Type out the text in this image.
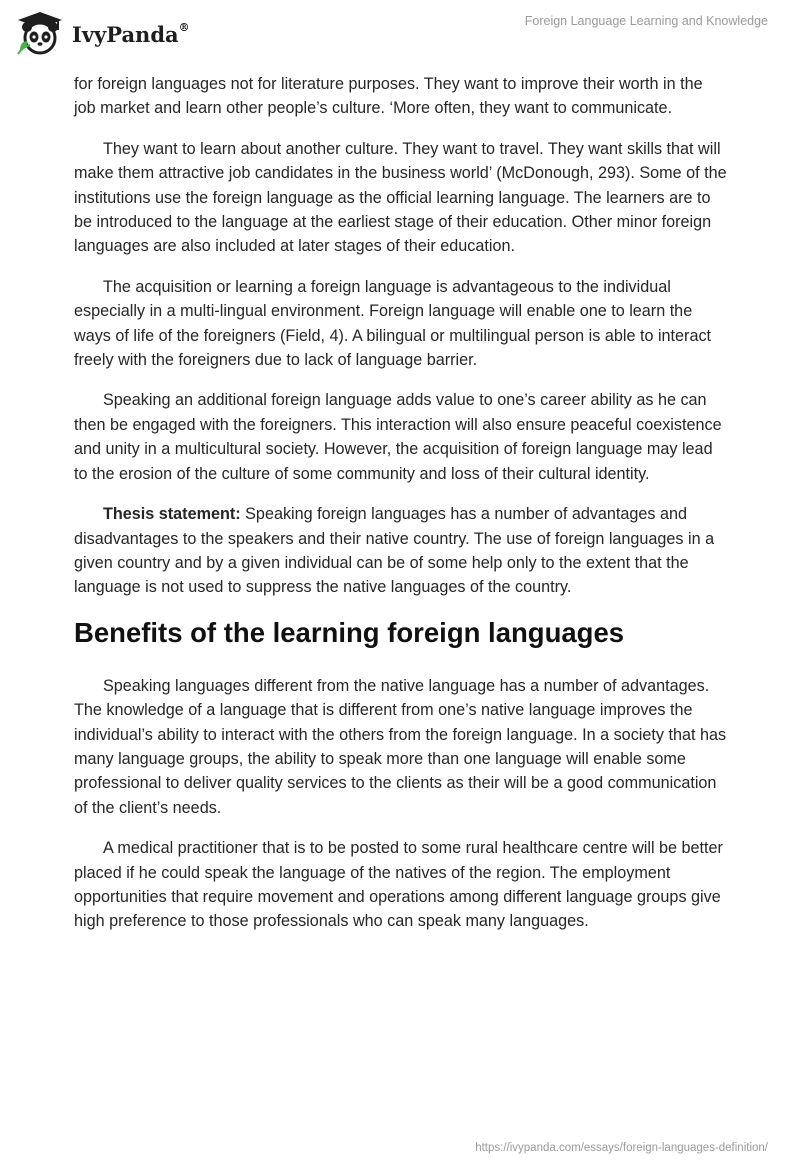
IvyPanda®	Foreign Language Learning and Knowledge

for foreign languages not for literature purposes. They want to improve their worth in the job market and learn other people’s culture. ‘More often, they want to communicate.

They want to learn about another culture. They want to travel. They want skills that will make them attractive job candidates in the business world’ (McDonough, 293). Some of the institutions use the foreign language as the official learning language. The learners are to be introduced to the language at the earliest stage of their education. Other minor foreign languages are also included at later stages of their education.

The acquisition or learning a foreign language is advantageous to the individual especially in a multi-lingual environment. Foreign language will enable one to learn the ways of life of the foreigners (Field, 4). A bilingual or multilingual person is able to interact freely with the foreigners due to lack of language barrier.

Speaking an additional foreign language adds value to one’s career ability as he can then be engaged with the foreigners. This interaction will also ensure peaceful coexistence and unity in a multicultural society. However, the acquisition of foreign language may lead to the erosion of the culture of some community and loss of their cultural identity.

Thesis statement: Speaking foreign languages has a number of advantages and disadvantages to the speakers and their native country. The use of foreign languages in a given country and by a given individual can be of some help only to the extent that the language is not used to suppress the native languages of the country.

Benefits of the learning foreign languages

Speaking languages different from the native language has a number of advantages. The knowledge of a language that is different from one’s native language improves the individual’s ability to interact with the others from the foreign language. In a society that has many language groups, the ability to speak more than one language will enable some professional to deliver quality services to the clients as their will be a good communication of the client’s needs.

A medical practitioner that is to be posted to some rural healthcare centre will be better placed if he could speak the language of the natives of the region. The employment opportunities that require movement and operations among different language groups give high preference to those professionals who can speak many languages.

https://ivypanda.com/essays/foreign-languages-definition/
